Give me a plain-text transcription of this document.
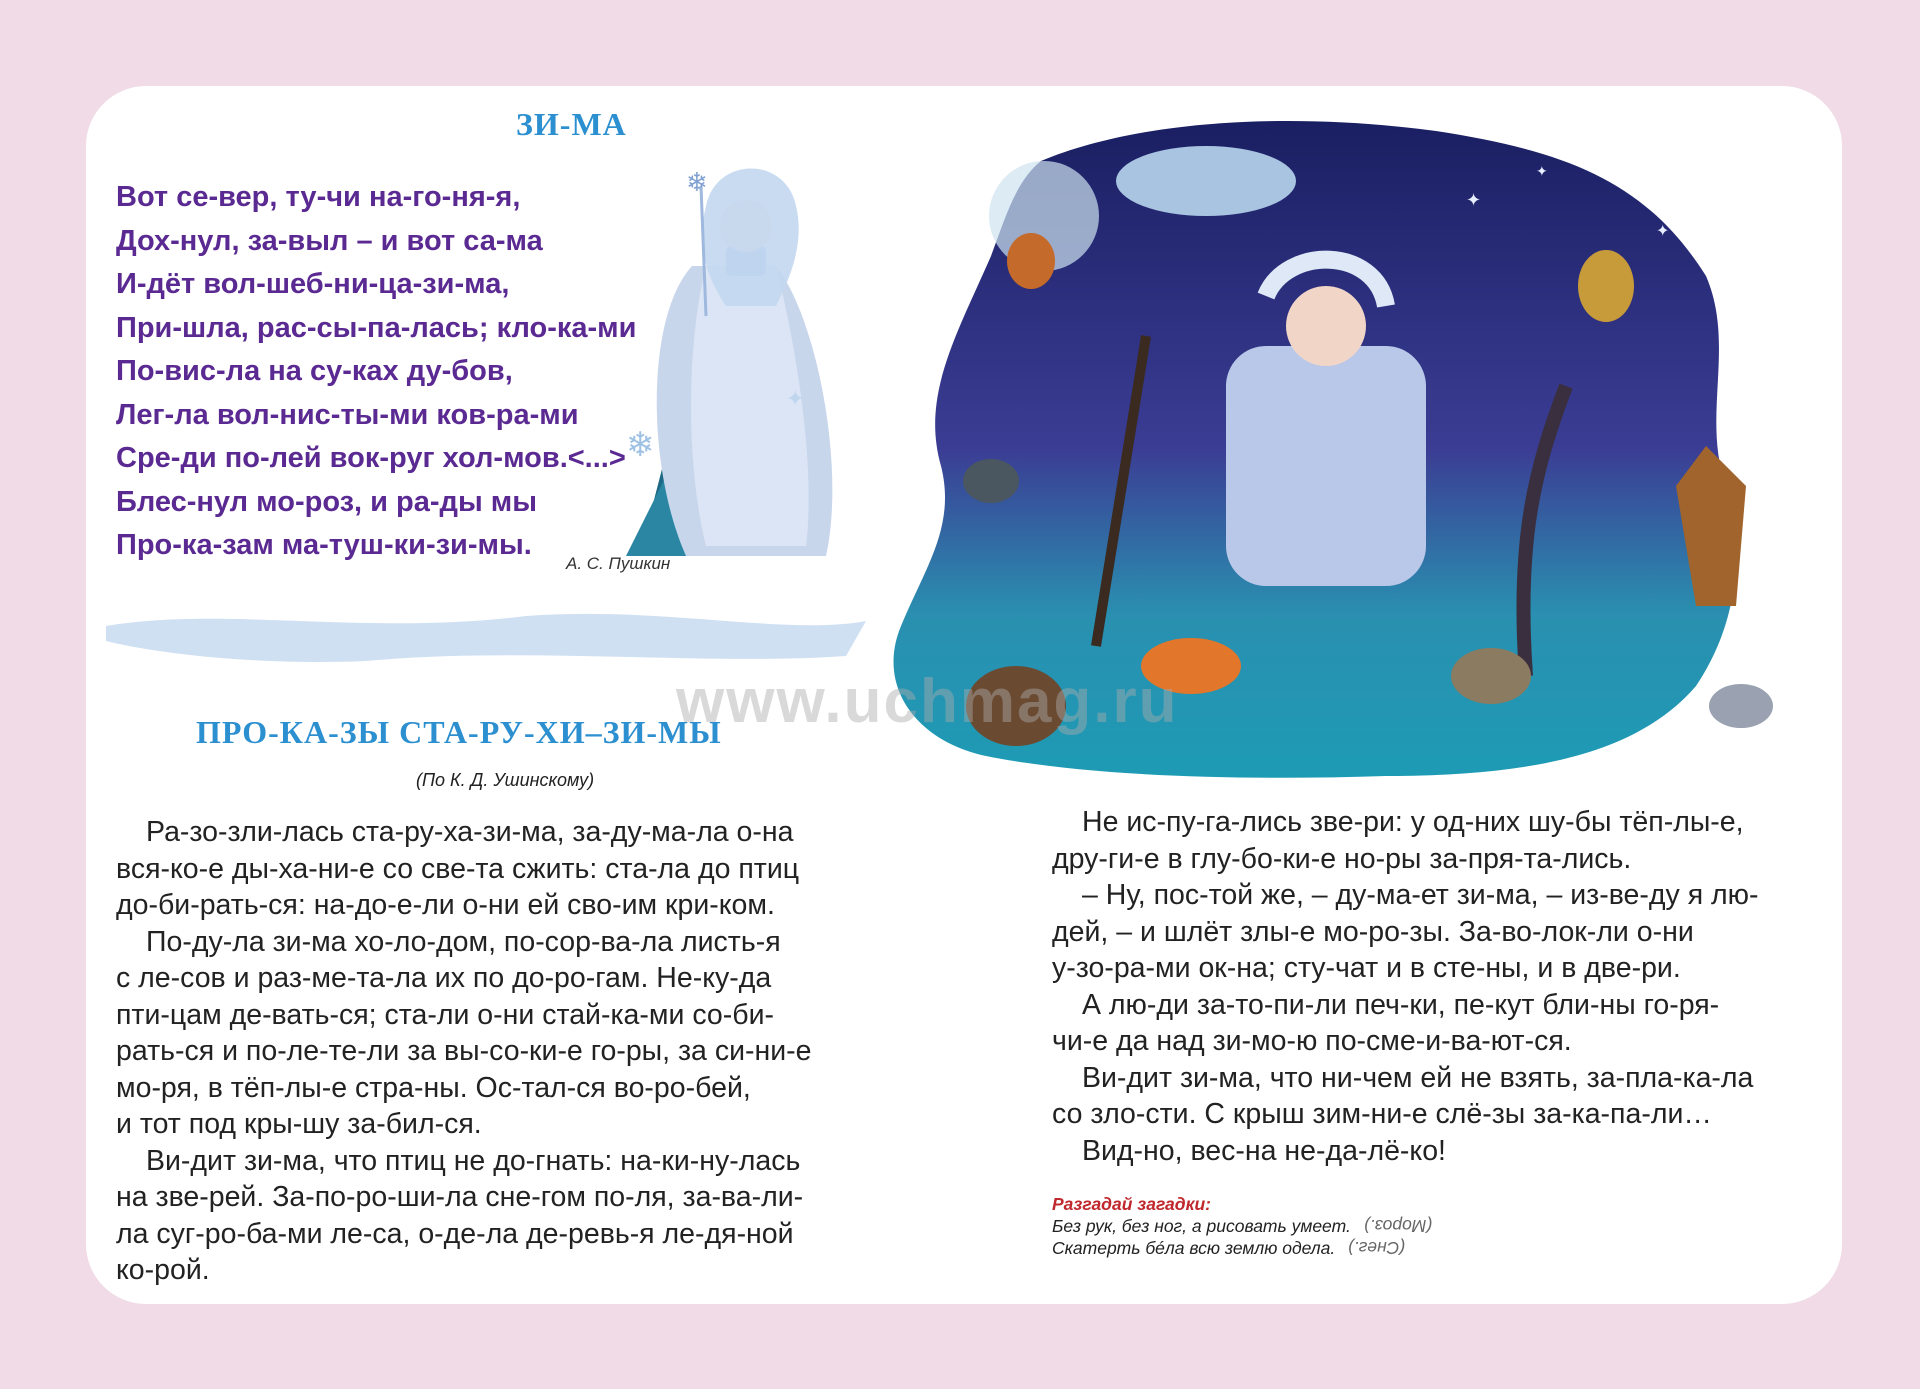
❄
❄
✦
✦
✦
✦
ЗИ-МА
Вот се-вер, ту-чи на-го-ня-я,
Дох-нул, за-выл – и вот са-ма
И-дёт вол-шеб-ни-ца-зи-ма,
При-шла, рас-сы-па-лась; кло-ка-ми
По-вис-ла на су-ках ду-бов,
Лег-ла вол-нис-ты-ми ков-ра-ми
Сре-ди по-лей вок-руг хол-мов.<...>
Блес-нул мо-роз, и ра-ды мы
Про-ка-зам ма-туш-ки-зи-мы.
А. С. Пушкин
www.uchmag.ru
ПРО-КА-ЗЫ СТА-РУ-ХИ–ЗИ-МЫ
(По К. Д. Ушинскому)

Ра-зо-зли-лась ста-ру-ха-зи-ма, за-ду-ма-ла о-на

вся-ко-е ды-ха-ни-е со све-та сжить: ста-ла до птиц

до-би-рать-ся: на-до-е-ли о-ни ей сво-им кри-ком.

По-ду-ла зи-ма хо-ло-дом, по-сор-ва-ла листь-я

с ле-сов и раз-ме-та-ла их по до-ро-гам. Не-ку-да

пти-цам де-вать-ся; ста-ли о-ни стай-ка-ми со-би-

рать-ся и по-ле-те-ли за вы-со-ки-е го-ры, за си-ни-е

мо-ря, в тёп-лы-е стра-ны. Ос-тал-ся во-ро-бей,

и тот под кры-шу за-бил-ся.

Ви-дит зи-ма, что птиц не до-гнать: на-ки-ну-лась

на зве-рей. За-по-ро-ши-ла сне-гом по-ля, за-ва-ли-

ла суг-ро-ба-ми ле-са, о-де-ла де-ревь-я ле-дя-ной

ко-рой.

Не ис-пу-га-лись зве-ри: у од-них шу-бы тёп-лы-е,

дру-ги-е в глу-бо-ки-е но-ры за-пря-та-лись.

– Ну, пос-той же, – ду-ма-ет зи-ма, – из-ве-ду я лю-

дей, – и шлёт злы-е мо-ро-зы. За-во-лок-ли о-ни

у-зо-ра-ми ок-на; сту-чат и в сте-ны, и в две-ри.

А лю-ди за-то-пи-ли печ-ки, пе-кут бли-ны го-ря-

чи-е да над зи-мо-ю по-сме-и-ва-ют-ся.

Ви-дит зи-ма, что ни-чем ей не взять, за-пла-ка-ла

со зло-сти. С крыш зим-ни-е слё-зы за-ка-па-ли…

Вид-но, вес-на не-да-лё-ко!

Разгадай загадки:
Без рук, без ног, а рисовать умеет. (Мороз.)
Скатерть бéла всю землю одела. (Снег.)
